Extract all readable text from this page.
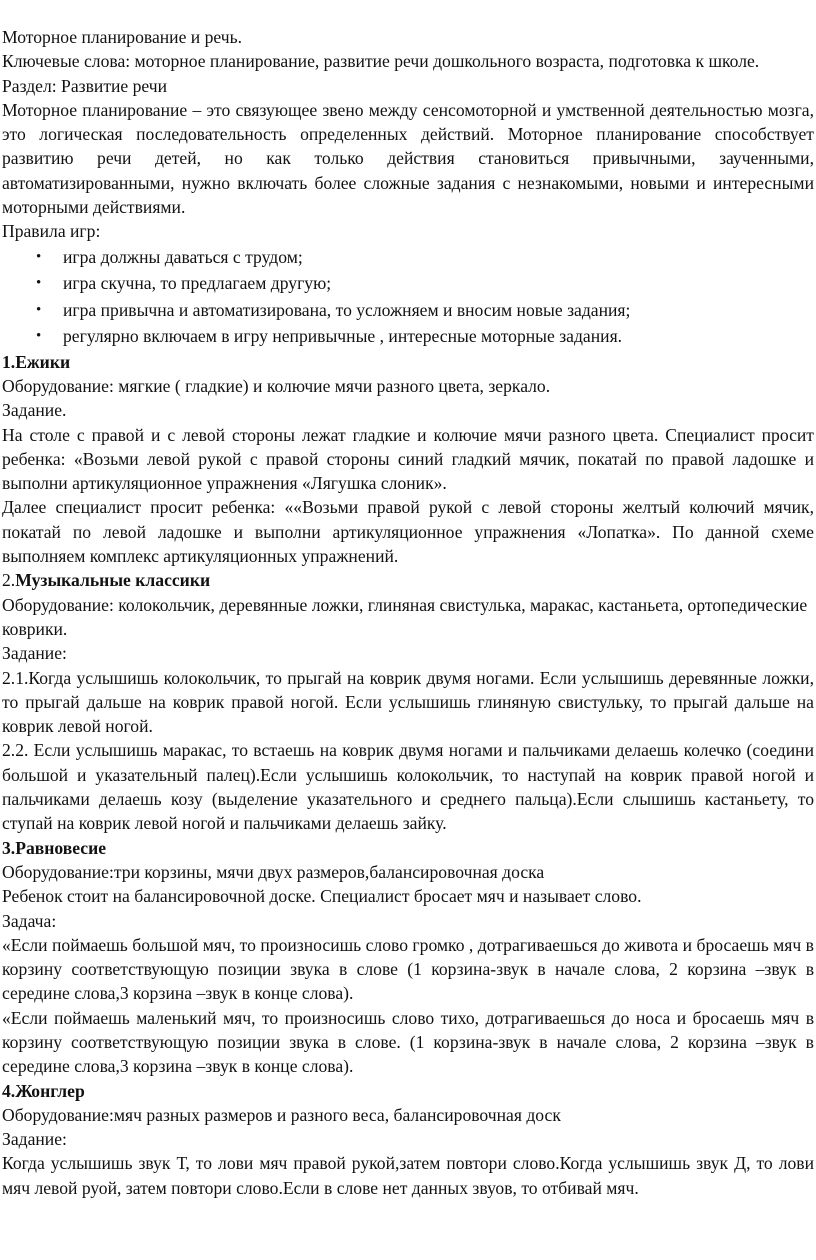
Моторное планирование и речь.

Ключевые слова: моторное планирование, развитие речи дошкольного возраста, подготовка к школе.

Раздел: Развитие речи

Моторное планирование – это связующее звено между сенсомоторной и умственной деятельностью мозга, это логическая последовательность определенных действий. Моторное планирование способствует развитию речи детей, но как только действия становиться привычными, заученными, автоматизированными, нужно включать более сложные задания с незнакомыми, новыми и интересными моторными действиями.

Правила игр:

• игра должны даваться с трудом;
• игра скучна, то предлагаем другую;
• игра привычна и автоматизирована, то усложняем и вносим новые задания;
• регулярно включаем в игру непривычные , интересные моторные задания.

1.Ежики

Оборудование: мягкие ( гладкие) и колючие мячи разного цвета, зеркало.

Задание.

На столе с правой и с левой стороны лежат гладкие и колючие мячи разного цвета. Специалист просит ребенка: «Возьми левой рукой с правой стороны синий гладкий мячик, покатай по правой ладошке и выполни артикуляционное упражнения «Лягушка слоник».

Далее специалист просит ребенка: ««Возьми правой рукой с левой стороны желтый колючий мячик, покатай по левой ладошке и выполни артикуляционное упражнения «Лопатка». По данной схеме выполняем комплекс артикуляционных упражнений.

2.Музыкальные классики

Оборудование: колокольчик, деревянные ложки, глиняная свистулька, маракас, кастаньета, ортопедические коврики.

Задание:

2.1.Когда услышишь колокольчик, то прыгай на коврик двумя ногами. Если услышишь деревянные ложки, то прыгай дальше на коврик правой ногой. Если услышишь глиняную свистульку, то прыгай дальше на коврик левой ногой.

2.2. Если услышишь маракас, то встаешь на коврик двумя ногами и пальчиками делаешь колечко (соедини большой и указательный палец).Если услышишь колокольчик, то наступай на коврик правой ногой и пальчиками делаешь козу (выделение указательного и среднего пальца).Если слышишь кастаньету, то ступай на коврик левой ногой и пальчиками делаешь зайку.

3.Равновесие

Оборудование:три корзины, мячи двух размеров,балансировочная доска

Ребенок стоит на балансировочной доске. Специалист бросает мяч и называет слово.

Задача:

«Если поймаешь большой мяч, то произносишь слово громко , дотрагиваешься до живота и бросаешь мяч в корзину соответствующую позиции звука в слове (1 корзина-звук в начале слова, 2 корзина –звук в середине слова,3 корзина –звук в конце слова).

«Если поймаешь маленький мяч, то произносишь слово тихо, дотрагиваешься до носа и бросаешь мяч в корзину соответствующую позиции звука в слове. (1 корзина-звук в начале слова, 2 корзина –звук в середине слова,3 корзина –звук в конце слова).

4.Жонглер

Оборудование:мяч разных размеров и разного веса, балансировочная доск

Задание:

Когда услышишь звук Т, то лови мяч правой рукой,затем повтори слово.Когда услышишь звук Д, то лови мяч левой руой, затем повтори слово.Если в слове нет данных звуов, то отбивай мяч.
